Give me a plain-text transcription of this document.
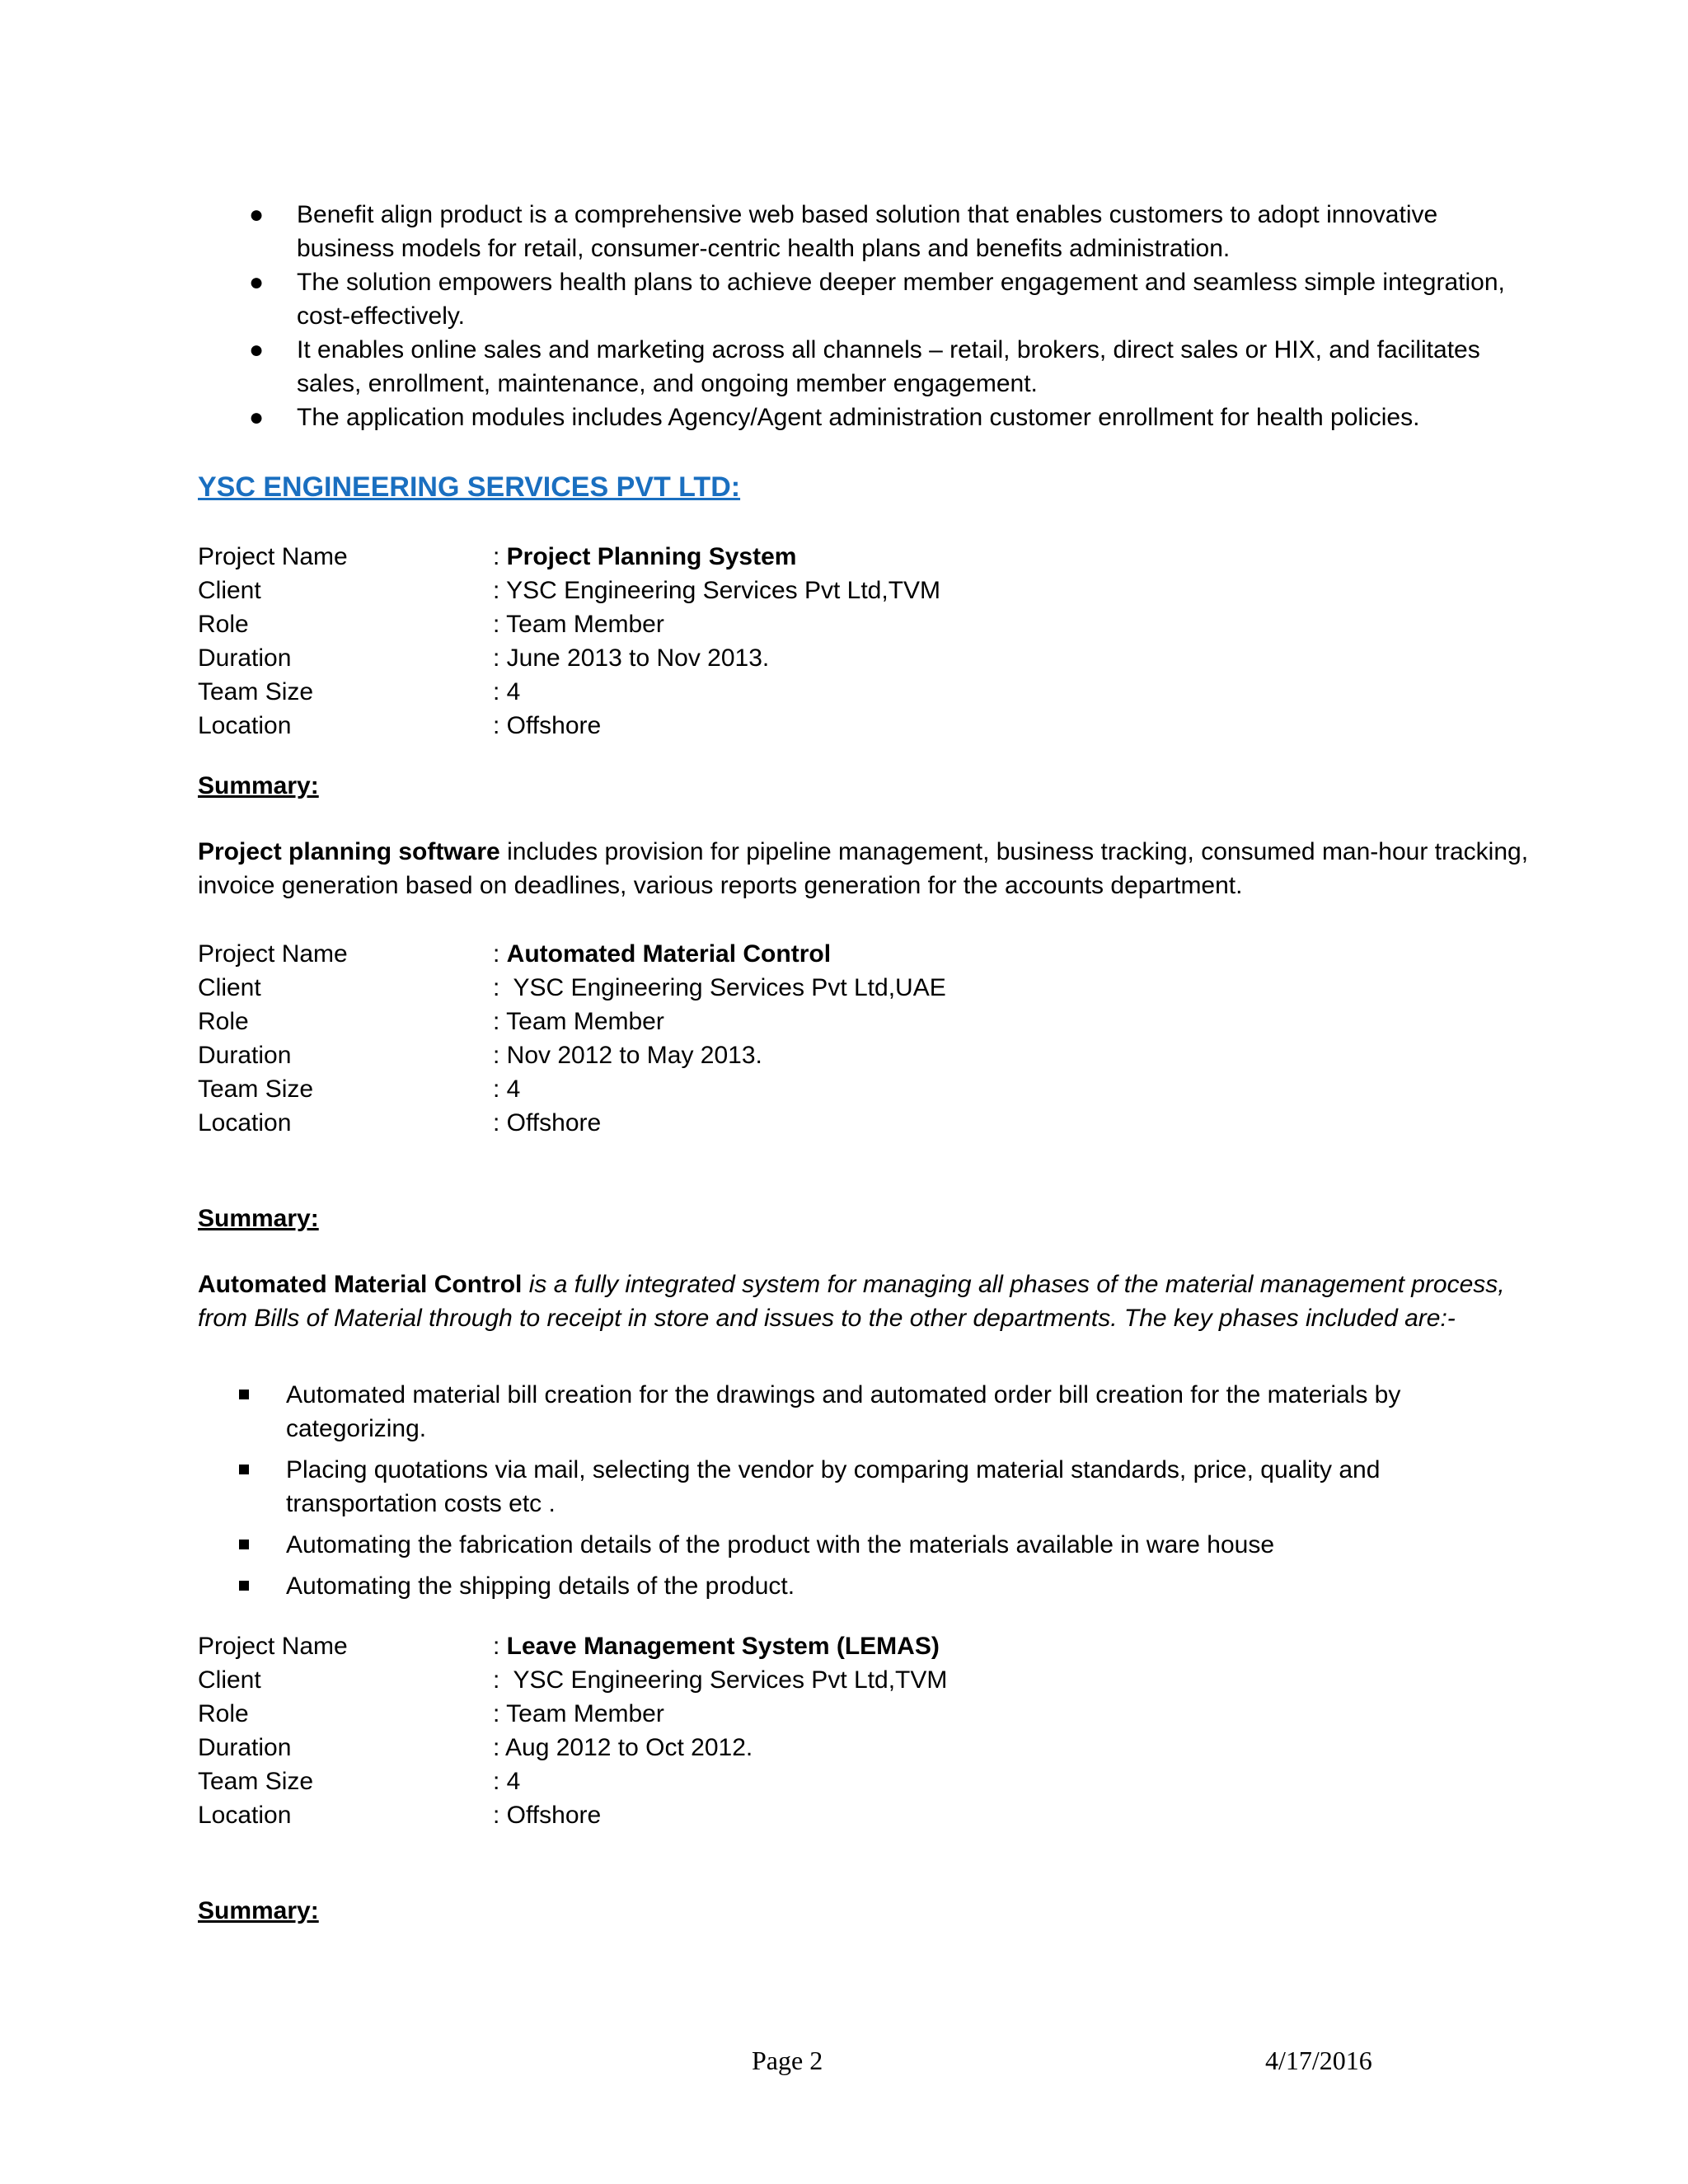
● Benefit align product is a comprehensive web based solution that enables customers to adopt innovative business models for retail, consumer-centric health plans and benefits administration.
● The solution empowers health plans to achieve deeper member engagement and seamless simple integration, cost-effectively.
● It enables online sales and marketing across all channels – retail, brokers, direct sales or HIX, and facilitates sales, enrollment, maintenance, and ongoing member engagement.
● The application modules includes Agency/Agent administration customer enrollment for health policies.
YSC ENGINEERING SERVICES PVT LTD:
Project Name	: Project Planning System
Client	: YSC Engineering Services Pvt Ltd,TVM
Role	: Team Member
Duration	: June 2013 to Nov 2013.
Team Size	: 4
Location	: Offshore
Summary:
Project planning software includes provision for pipeline management, business tracking, consumed man-hour tracking, invoice generation based on deadlines, various reports generation for the accounts department.
Project Name	: Automated Material Control
Client	:  YSC Engineering Services Pvt Ltd,UAE
Role	: Team Member
Duration	: Nov 2012 to May 2013.
Team Size	: 4
Location	: Offshore
Summary:
Automated Material Control is a fully integrated system for managing all phases of the material management process, from Bills of Material through to receipt in store and issues to the other departments. The key phases included are:-
Automated material bill creation for the drawings and automated order bill creation for the materials by categorizing.
Placing quotations via mail, selecting the vendor by comparing material standards, price, quality and transportation costs etc .
Automating the fabrication details of the product with the materials available in ware house
Automating the shipping details of the product.
Project Name	: Leave Management System (LEMAS)
Client	:  YSC Engineering Services Pvt Ltd,TVM
Role	: Team Member
Duration	: Aug 2012 to Oct 2012.
Team Size	: 4
Location	: Offshore
Summary:
Page 2	4/17/2016
